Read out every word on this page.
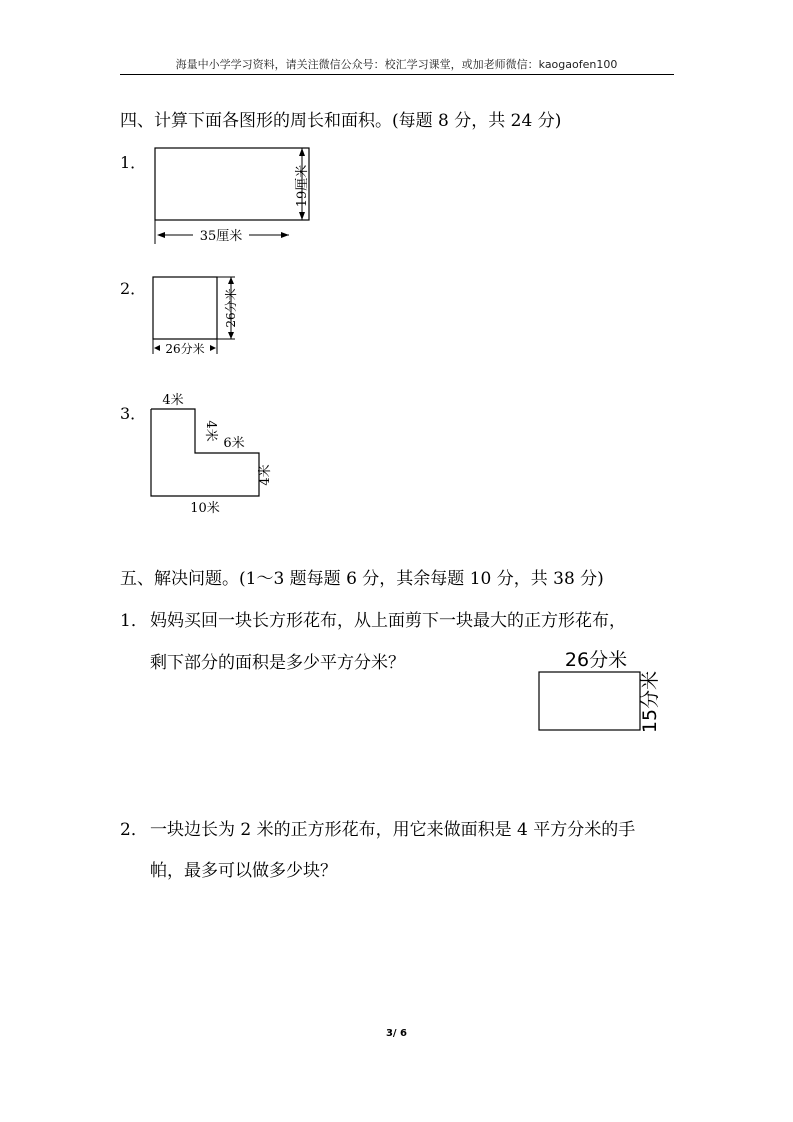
海量中小学学习资料，请关注微信公众号：校汇学习课堂，或加老师微信：kaogaofen100
四、计算下面各图形的周长和面积。(每题 8 分，共 24 分)
1．
35厘米
19厘米
2．
26分米
26分米
3．
4米
4米
6米
4米
10米
五、解决问题。(1～3 题每题 6 分，其余每题 10 分，共 38 分)
1． 妈妈买回一块长方形花布，从上面剪下一块最大的正方形花布，
剩下部分的面积是多少平方分米？	26分米
15分米
2． 一块边长为 2 米的正方形花布，用它来做面积是 4 平方分米的手
帕，最多可以做多少块？
3/ 6
